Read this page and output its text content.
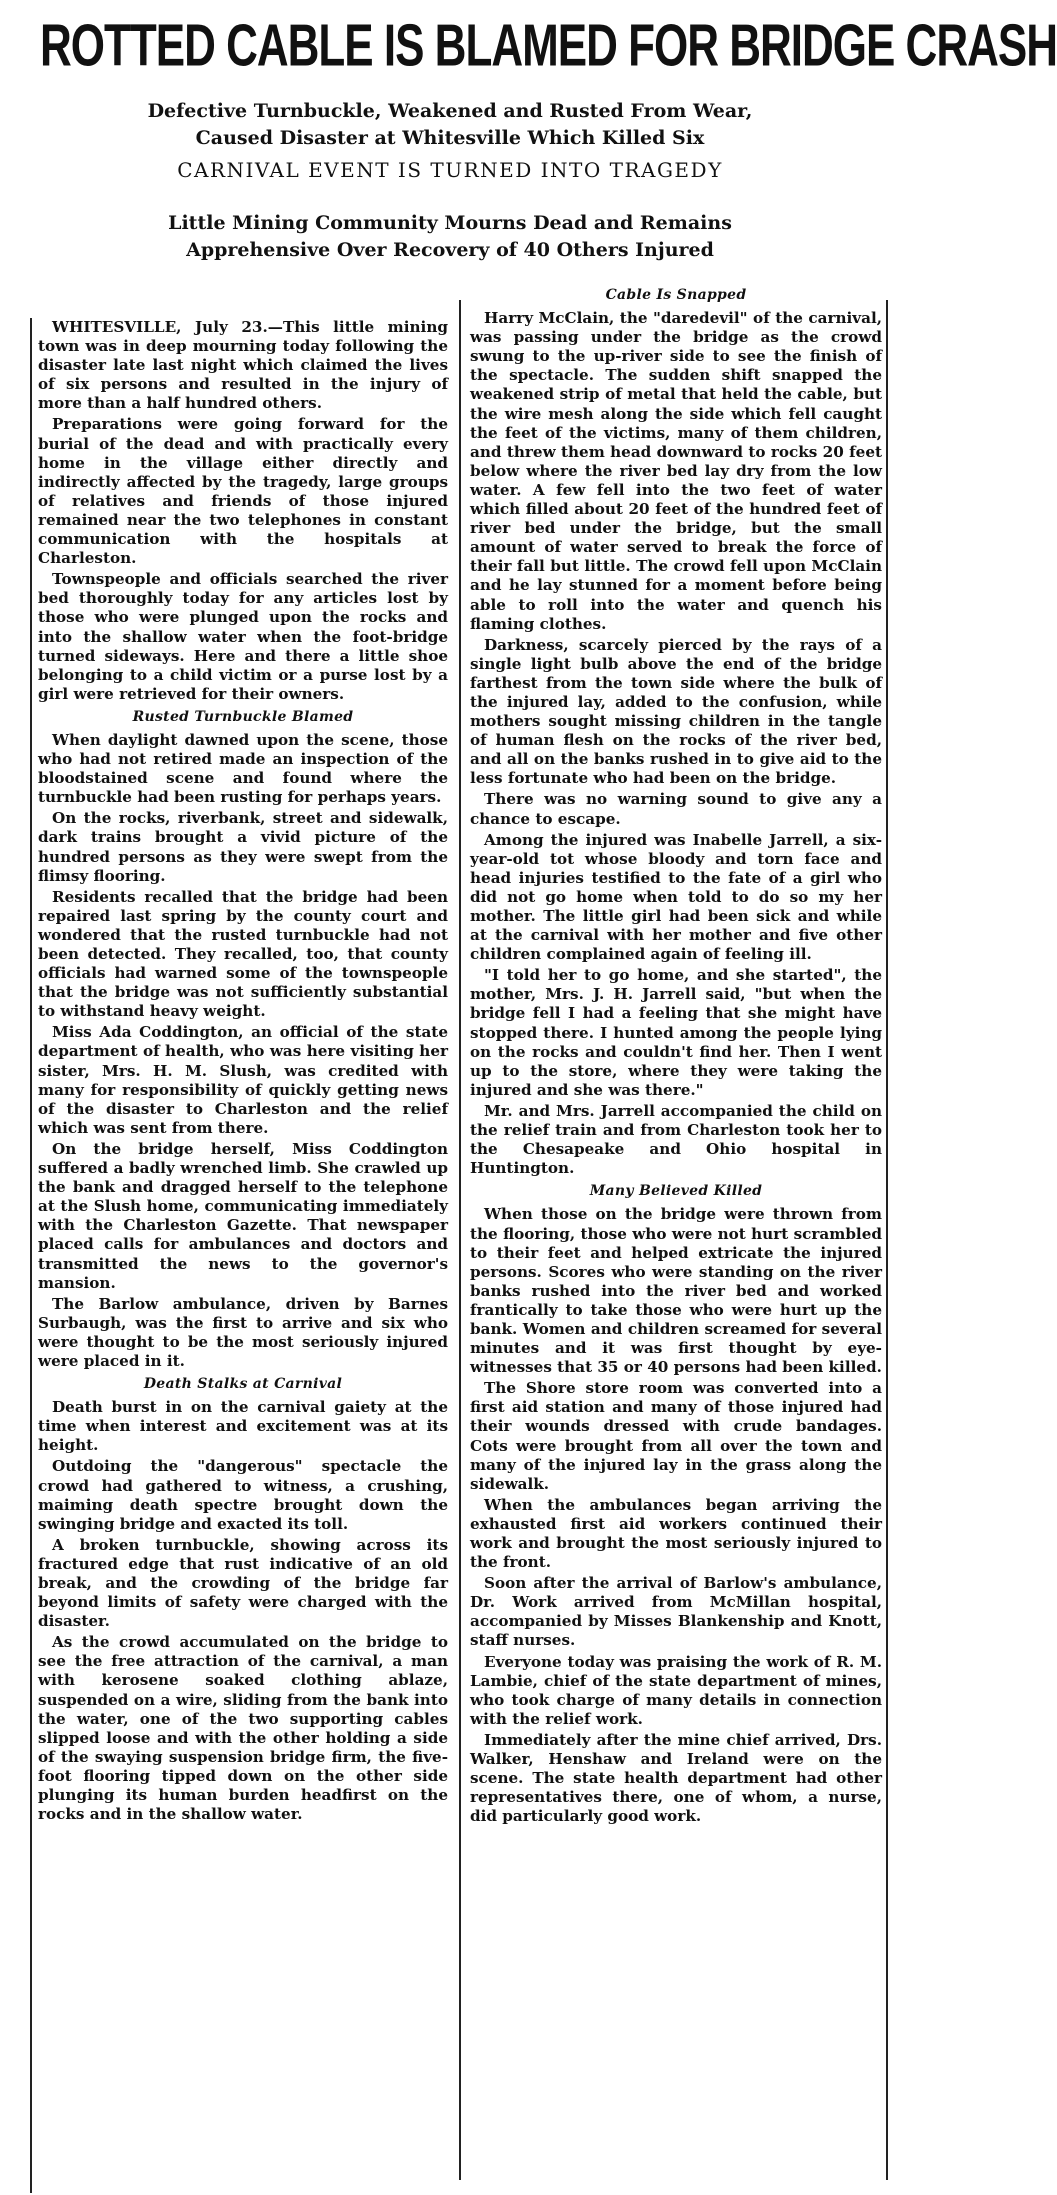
ROTTED CABLE IS BLAMED FOR BRIDGE CRASH
Defective Turnbuckle, Weakened and Rusted From Wear,
Caused Disaster at Whitesville Which Killed Six
CARNIVAL EVENT IS TURNED INTO TRAGEDY
Little Mining Community Mourns Dead and Remains
Apprehensive Over Recovery of 40 Others Injured

WHITESVILLE, July 23.—This little mining town was in deep mourning today following the disaster late last night which claimed the lives of six persons and resulted in the injury of more than a half hundred others.

Preparations were going forward for the burial of the dead and with practically every home in the village either directly and indirectly affected by the tragedy, large groups of relatives and friends of those injured remained near the two telephones in constant communication with the hospitals at Charleston.

Townspeople and officials searched the river bed thoroughly today for any articles lost by those who were plunged upon the rocks and into the shallow water when the foot-bridge turned sideways. Here and there a little shoe belonging to a child victim or a purse lost by a girl were retrieved for their owners.

Rusted Turnbuckle Blamed

When daylight dawned upon the scene, those who had not retired made an inspection of the bloodstained scene and found where the turnbuckle had been rusting for perhaps years.

On the rocks, riverbank, street and sidewalk, dark trains brought a vivid picture of the hundred persons as they were swept from the flimsy flooring.

Residents recalled that the bridge had been repaired last spring by the county court and wondered that the rusted turnbuckle had not been detected. They recalled, too, that county officials had warned some of the townspeople that the bridge was not sufficiently substantial to withstand heavy weight.

Miss Ada Coddington, an official of the state department of health, who was here visiting her sister, Mrs. H. M. Slush, was credited with many for responsibility of quickly getting news of the disaster to Charleston and the relief which was sent from there.

On the bridge herself, Miss Coddington suffered a badly wrenched limb. She crawled up the bank and dragged herself to the telephone at the Slush home, communicating immediately with the Charleston Gazette. That newspaper placed calls for ambulances and doctors and transmitted the news to the governor's mansion.

The Barlow ambulance, driven by Barnes Surbaugh, was the first to arrive and six who were thought to be the most seriously injured were placed in it.

Death Stalks at Carnival

Death burst in on the carnival gaiety at the time when interest and excitement was at its height.

Outdoing the "dangerous" spectacle the crowd had gathered to witness, a crushing, maiming death spectre brought down the swinging bridge and exacted its toll.

A broken turnbuckle, showing across its fractured edge that rust indicative of an old break, and the crowding of the bridge far beyond limits of safety were charged with the disaster.

As the crowd accumulated on the bridge to see the free attraction of the carnival, a man with kerosene soaked clothing ablaze, suspended on a wire, sliding from the bank into the water, one of the two supporting cables slipped loose and with the other holding a side of the swaying suspension bridge firm, the five-foot flooring tipped down on the other side plunging its human burden headfirst on the rocks and in the shallow water.

Cable Is Snapped

Harry McClain, the "daredevil" of the carnival, was passing under the bridge as the crowd swung to the up-river side to see the finish of the spectacle. The sudden shift snapped the weakened strip of metal that held the cable, but the wire mesh along the side which fell caught the feet of the victims, many of them children, and threw them head downward to rocks 20 feet below where the river bed lay dry from the low water. A few fell into the two feet of water which filled about 20 feet of the hundred feet of river bed under the bridge, but the small amount of water served to break the force of their fall but little. The crowd fell upon McClain and he lay stunned for a moment before being able to roll into the water and quench his flaming clothes.

Darkness, scarcely pierced by the rays of a single light bulb above the end of the bridge farthest from the town side where the bulk of the injured lay, added to the confusion, while mothers sought missing children in the tangle of human flesh on the rocks of the river bed, and all on the banks rushed in to give aid to the less fortunate who had been on the bridge.

There was no warning sound to give any a chance to escape.

Among the injured was Inabelle Jarrell, a six-year-old tot whose bloody and torn face and head injuries testified to the fate of a girl who did not go home when told to do so my her mother. The little girl had been sick and while at the carnival with her mother and five other children complained again of feeling ill.

"I told her to go home, and she started", the mother, Mrs. J. H. Jarrell said, "but when the bridge fell I had a feeling that she might have stopped there. I hunted among the people lying on the rocks and couldn't find her. Then I went up to the store, where they were taking the injured and she was there."

Mr. and Mrs. Jarrell accompanied the child on the relief train and from Charleston took her to the Chesapeake and Ohio hospital in Huntington.

Many Believed Killed

When those on the bridge were thrown from the flooring, those who were not hurt scrambled to their feet and helped extricate the injured persons. Scores who were standing on the river banks rushed into the river bed and worked frantically to take those who were hurt up the bank. Women and children screamed for several minutes and it was first thought by eye-witnesses that 35 or 40 persons had been killed.

The Shore store room was converted into a first aid station and many of those injured had their wounds dressed with crude bandages. Cots were brought from all over the town and many of the injured lay in the grass along the sidewalk.

When the ambulances began arriving the exhausted first aid workers continued their work and brought the most seriously injured to the front.

Soon after the arrival of Barlow's ambulance, Dr. Work arrived from McMillan hospital, accompanied by Misses Blankenship and Knott, staff nurses.

Everyone today was praising the work of R. M. Lambie, chief of the state department of mines, who took charge of many details in connection with the relief work.

Immediately after the mine chief arrived, Drs. Walker, Henshaw and Ireland were on the scene. The state health department had other representatives there, one of whom, a nurse, did particularly good work.
